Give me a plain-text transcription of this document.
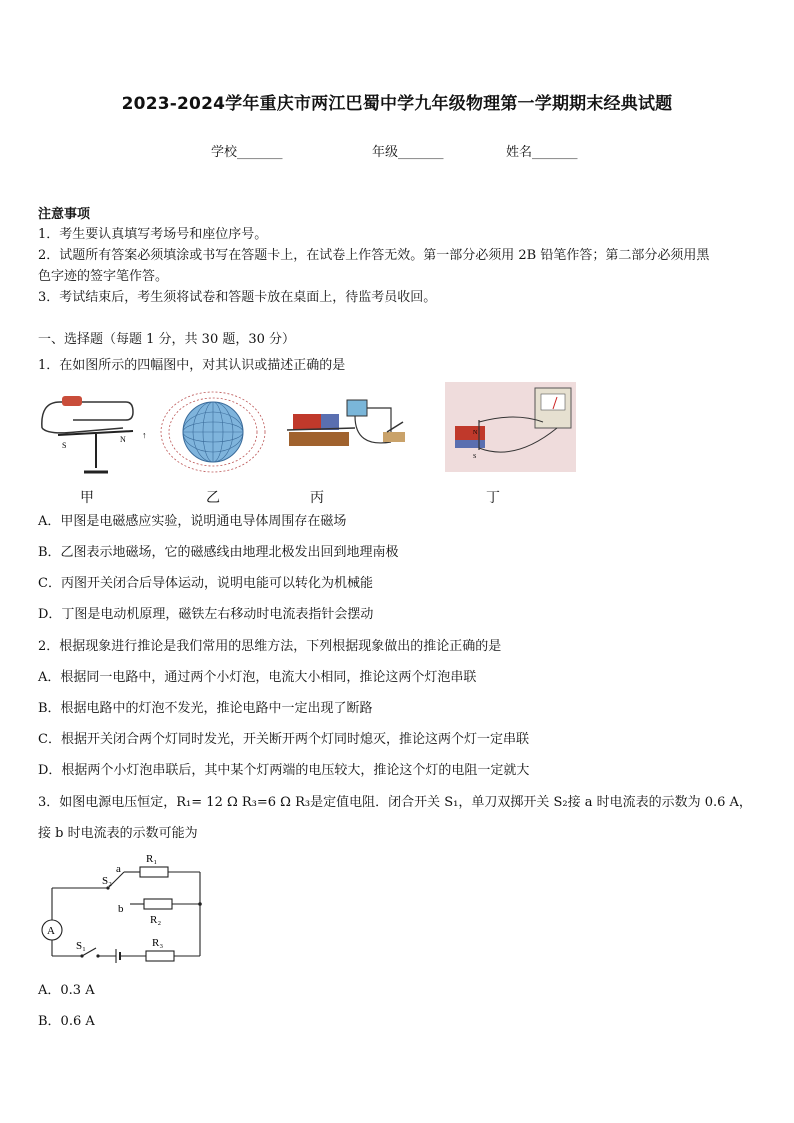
2023-2024学年重庆市两江巴蜀中学九年级物理第一学期期末经典试题
学校_______	年级_______	姓名_______
注意事项
1．考生要认真填写考场号和座位序号。
2．试题所有答案必须填涂或书写在答题卡上，在试卷上作答无效。第一部分必须用 2B 铅笔作答；第二部分必须用黑
色字迹的签字笔作答。
3．考试结束后，考生须将试卷和答题卡放在桌面上，待监考员收回。
一、选择题（每题 1 分，共 30 题，30 分）
1．在如图所示的四幅图中，对其认识或描述正确的是
S
N ↑	N
S
甲	乙	丙	丁
A．甲图是电磁感应实验，说明通电导体周围存在磁场
B．乙图表示地磁场，它的磁感线由地理北极发出回到地理南极
C．丙图开关闭合后导体运动，说明电能可以转化为机械能
D．丁图是电动机原理，磁铁左右移动时电流表指针会摆动
2．根据现象进行推论是我们常用的思维方法，下列根据现象做出的推论正确的是
A．根据同一电路中，通过两个小灯泡，电流大小相同，推论这两个灯泡串联
B．根据电路中的灯泡不发光，推论电路中一定出现了断路
C．根据开关闭合两个灯同时发光，开关断开两个灯同时熄灭，推论这两个灯一定串联
D．根据两个小灯泡串联后，其中某个灯两端的电压较大，推论这个灯的电阻一定就大
3．如图电源电压恒定，R₁= 12 Ω R₃=6 Ω R₃是定值电阻．闭合开关 S₁，单刀双掷开关 S₂接 a 时电流表的示数为 0.6 A，
接 b 时电流表的示数可能为
R₁
R₂
R₃
a
b
S₂
S₁
A
A．0.3 A
B．0.6 A
